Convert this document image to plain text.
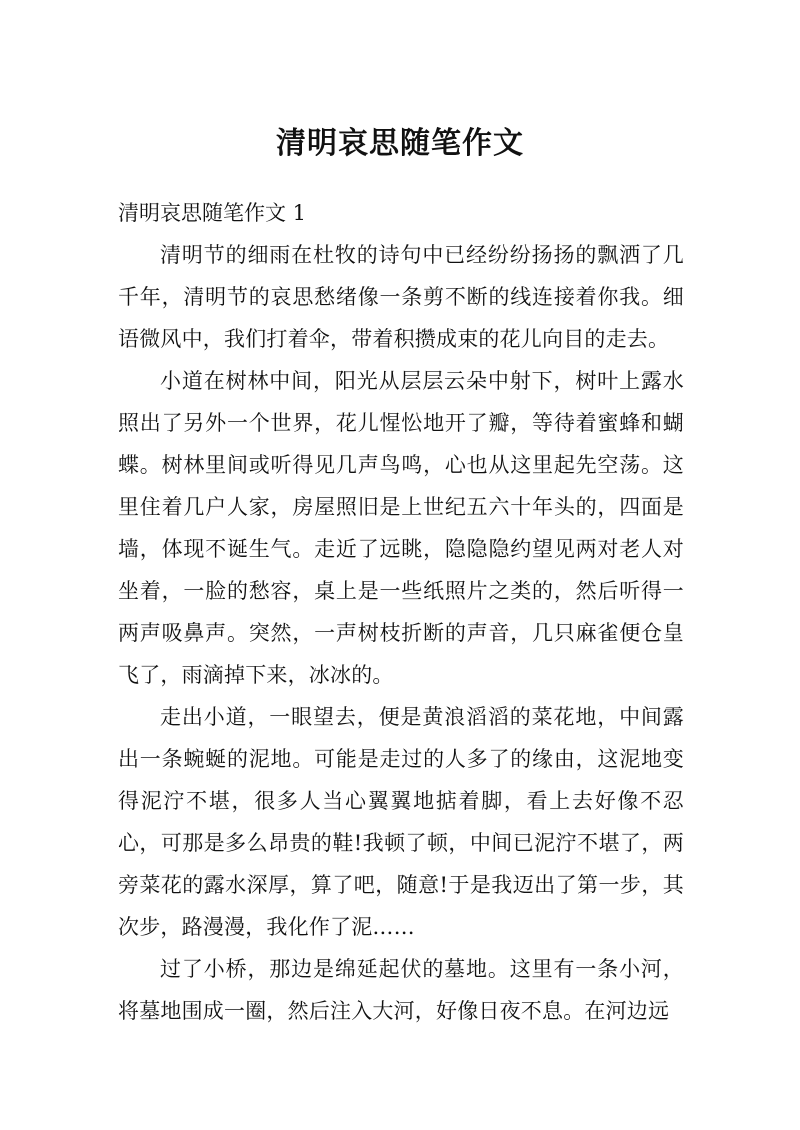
清明哀思随笔作文
清明哀思随笔作文 1

清明节的细雨在杜牧的诗句中已经纷纷扬扬的飘洒了几千年，清明节的哀思愁绪像一条剪不断的线连接着你我。细语微风中，我们打着伞，带着积攒成束的花儿向目的走去。

小道在树林中间，阳光从层层云朵中射下，树叶上露水照出了另外一个世界，花儿惺忪地开了瓣，等待着蜜蜂和蝴蝶。树林里间或听得见几声鸟鸣，心也从这里起先空荡。这里住着几户人家，房屋照旧是上世纪五六十年头的，四面是墙，体现不诞生气。走近了远眺，隐隐隐约望见两对老人对坐着，一脸的愁容，桌上是一些纸照片之类的，然后听得一两声吸鼻声。突然，一声树枝折断的声音，几只麻雀便仓皇飞了，雨滴掉下来，冰冰的。

走出小道，一眼望去，便是黄浪滔滔的菜花地，中间露出一条蜿蜒的泥地。可能是走过的人多了的缘由，这泥地变得泥泞不堪，很多人当心翼翼地掂着脚，看上去好像不忍心，可那是多么昂贵的鞋!我顿了顿，中间已泥泞不堪了，两旁菜花的露水深厚，算了吧，随意!于是我迈出了第一步，其次步，路漫漫，我化作了泥……

过了小桥，那边是绵延起伏的墓地。这里有一条小河，将墓地围成一圈，然后注入大河，好像日夜不息。在河边远
